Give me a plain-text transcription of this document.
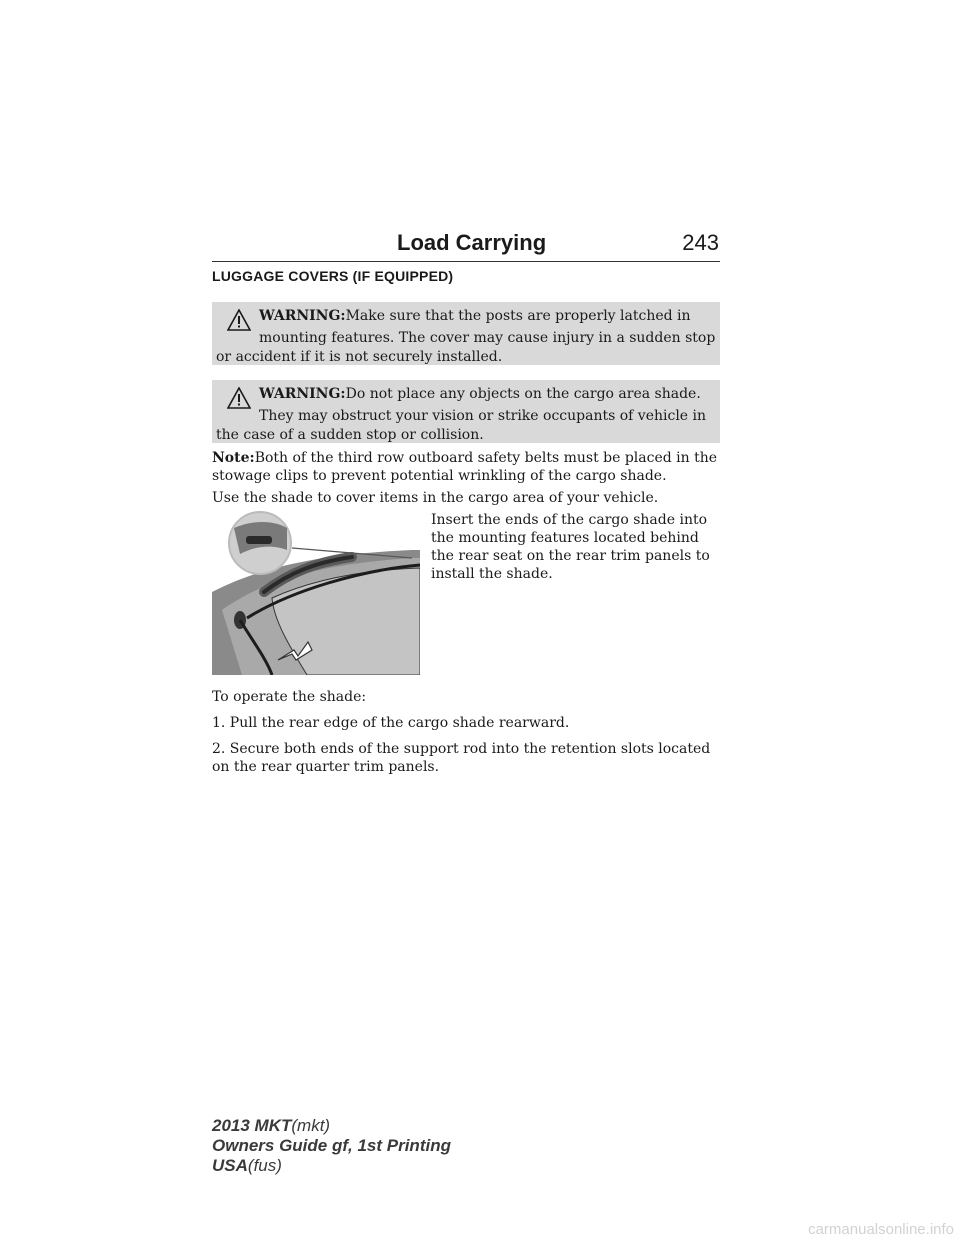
Load Carrying	243
LUGGAGE COVERS (IF EQUIPPED)
WARNING:Make sure that the posts are properly latched in
mounting features. The cover may cause injury in a sudden stop
or accident if it is not securely installed.
WARNING:Do not place any objects on the cargo area shade.
They may obstruct your vision or strike occupants of vehicle in
the case of a sudden stop or collision.
Note:Both of the third row outboard safety belts must be placed in the stowage clips to prevent potential wrinkling of the cargo shade.
Use the shade to cover items in the cargo area of your vehicle.
Insert the ends of the cargo shade into the mounting features located behind the rear seat on the rear trim panels to install the shade.
To operate the shade:
1. Pull the rear edge of the cargo shade rearward.
2. Secure both ends of the support rod into the retention slots located on the rear quarter trim panels.
2013 MKT(mkt)
Owners Guide gf, 1st Printing
USA(fus)
carmanualsonline.info
